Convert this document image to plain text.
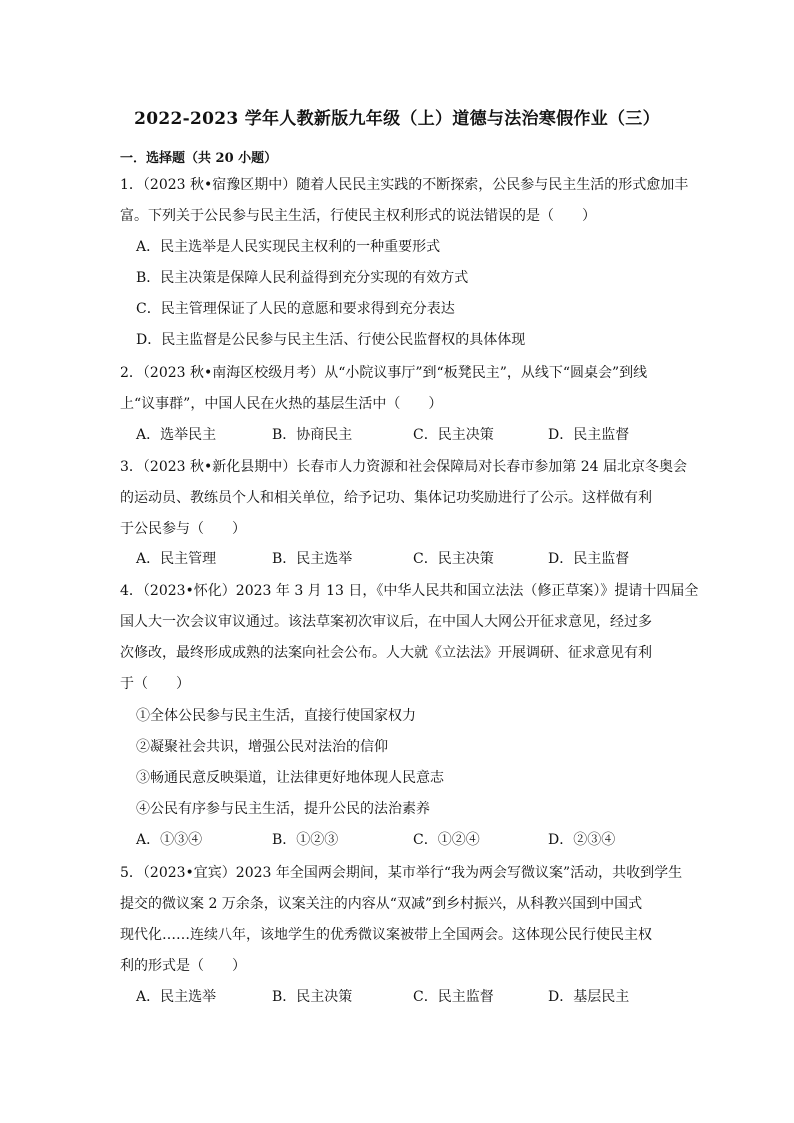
2022-2023 学年人教新版九年级（上）道德与法治寒假作业（三）
一．选择题（共 20 小题）
1．（2023 秋•宿豫区期中）随着人民民主实践的不断探索，公民参与民主生活的形式愈加丰
富。下列关于公民参与民主生活，行使民主权利形式的说法错误的是（　　）
A．民主选举是人民实现民主权利的一种重要形式
B．民主决策是保障人民利益得到充分实现的有效方式
C．民主管理保证了人民的意愿和要求得到充分表达
D．民主监督是公民参与民主生活、行使公民监督权的具体体现
2．（2023 秋•南海区校级月考）从“小院议事厅”到“板凳民主”，从线下“圆桌会”到线
上“议事群”，中国人民在火热的基层生活中（　　）
A．选举民主	B．协商民主	C．民主决策	D．民主监督
3．（2023 秋•新化县期中）长春市人力资源和社会保障局对长春市参加第 24 届北京冬奥会
的运动员、教练员个人和相关单位，给予记功、集体记功奖励进行了公示。这样做有利
于公民参与（　　）
A．民主管理	B．民主选举	C．民主决策	D．民主监督
4．（2023•怀化）2023 年 3 月 13 日，《中华人民共和国立法法（修正草案）》提请十四届全
国人大一次会议审议通过。该法草案初次审议后，在中国人大网公开征求意见，经过多
次修改，最终形成成熟的法案向社会公布。人大就《立法法》开展调研、征求意见有利
于（　　）
①全体公民参与民主生活，直接行使国家权力
②凝聚社会共识，增强公民对法治的信仰
③畅通民意反映渠道，让法律更好地体现人民意志
④公民有序参与民主生活，提升公民的法治素养
A．①③④	B．①②③	C．①②④	D．②③④
5．（2023•宜宾）2023 年全国两会期间，某市举行“我为两会写微议案”活动，共收到学生
提交的微议案 2 万余条，议案关注的内容从“双减”到乡村振兴，从科教兴国到中国式
现代化……连续八年，该地学生的优秀微议案被带上全国两会。这体现公民行使民主权
利的形式是（　　）
A．民主选举	B．民主决策	C．民主监督	D．基层民主
